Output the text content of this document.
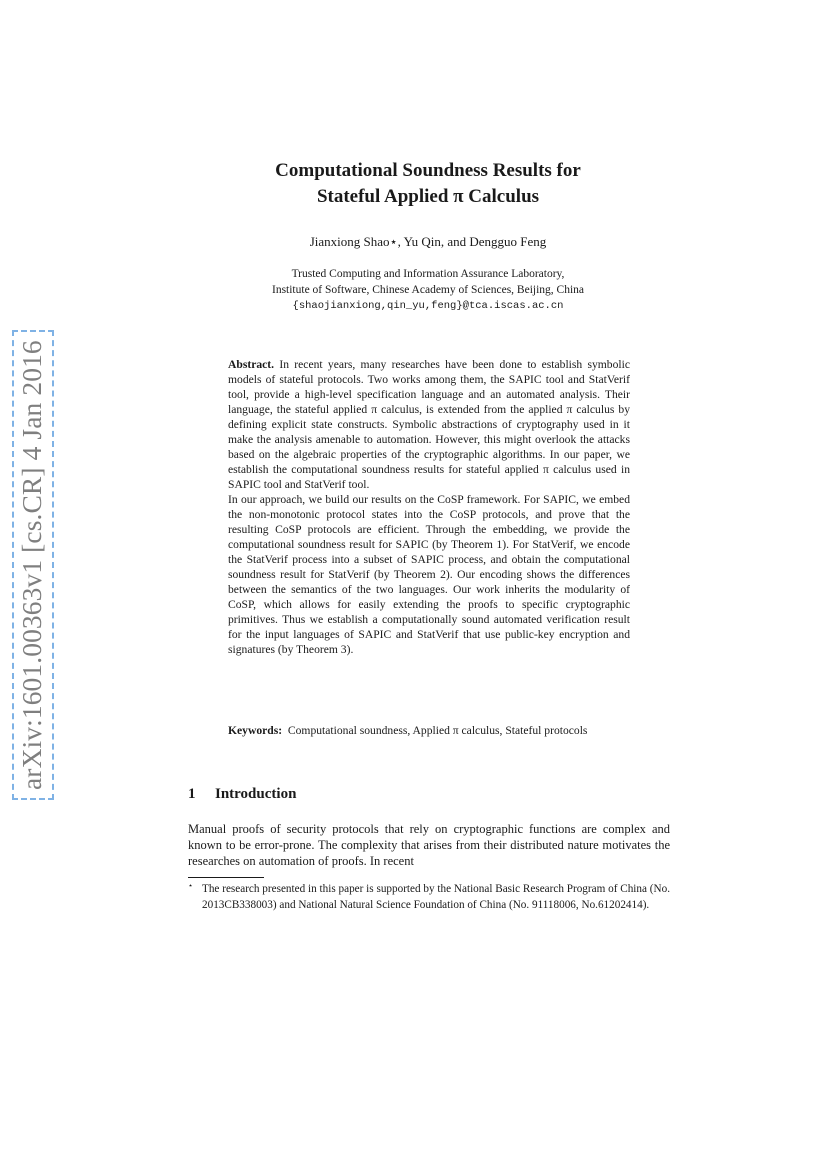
arXiv:1601.00363v1 [cs.CR] 4 Jan 2016
Computational Soundness Results for
Stateful Applied π Calculus
Jianxiong Shao⋆, Yu Qin, and Dengguo Feng
Trusted Computing and Information Assurance Laboratory,
Institute of Software, Chinese Academy of Sciences, Beijing, China
{shaojianxiong,qin_yu,feng}@tca.iscas.ac.cn

Abstract. In recent years, many researches have been done to establish symbolic models of stateful protocols. Two works among them, the SAPIC tool and StatVerif tool, provide a high-level specification language and an automated analysis. Their language, the stateful applied π calculus, is extended from the applied π calculus by defining explicit state constructs. Symbolic abstractions of cryptography used in it make the analysis amenable to automation. However, this might overlook the attacks based on the algebraic properties of the cryptographic algorithms. In our paper, we establish the computational soundness results for stateful applied π calculus used in SAPIC tool and StatVerif tool.

In our approach, we build our results on the CoSP framework. For SAPIC, we embed the non-monotonic protocol states into the CoSP protocols, and prove that the resulting CoSP protocols are efficient. Through the embedding, we provide the computational soundness result for SAPIC (by Theorem 1). For StatVerif, we encode the StatVerif process into a subset of SAPIC process, and obtain the computational soundness result for StatVerif (by Theorem 2). Our encoding shows the differences between the semantics of the two languages. Our work inherits the modularity of CoSP, which allows for easily extending the proofs to specific cryptographic primitives. Thus we establish a computationally sound automated verification result for the input languages of SAPIC and StatVerif that use public-key encryption and signatures (by Theorem 3).

Keywords: Computational soundness, Applied π calculus, Stateful protocols
1 Introduction
Manual proofs of security protocols that rely on cryptographic functions are complex and known to be error-prone. The complexity that arises from their distributed nature motivates the researches on automation of proofs. In recent
⋆ The research presented in this paper is supported by the National Basic Research Program of China (No. 2013CB338003) and National Natural Science Foundation of China (No. 91118006, No.61202414).
